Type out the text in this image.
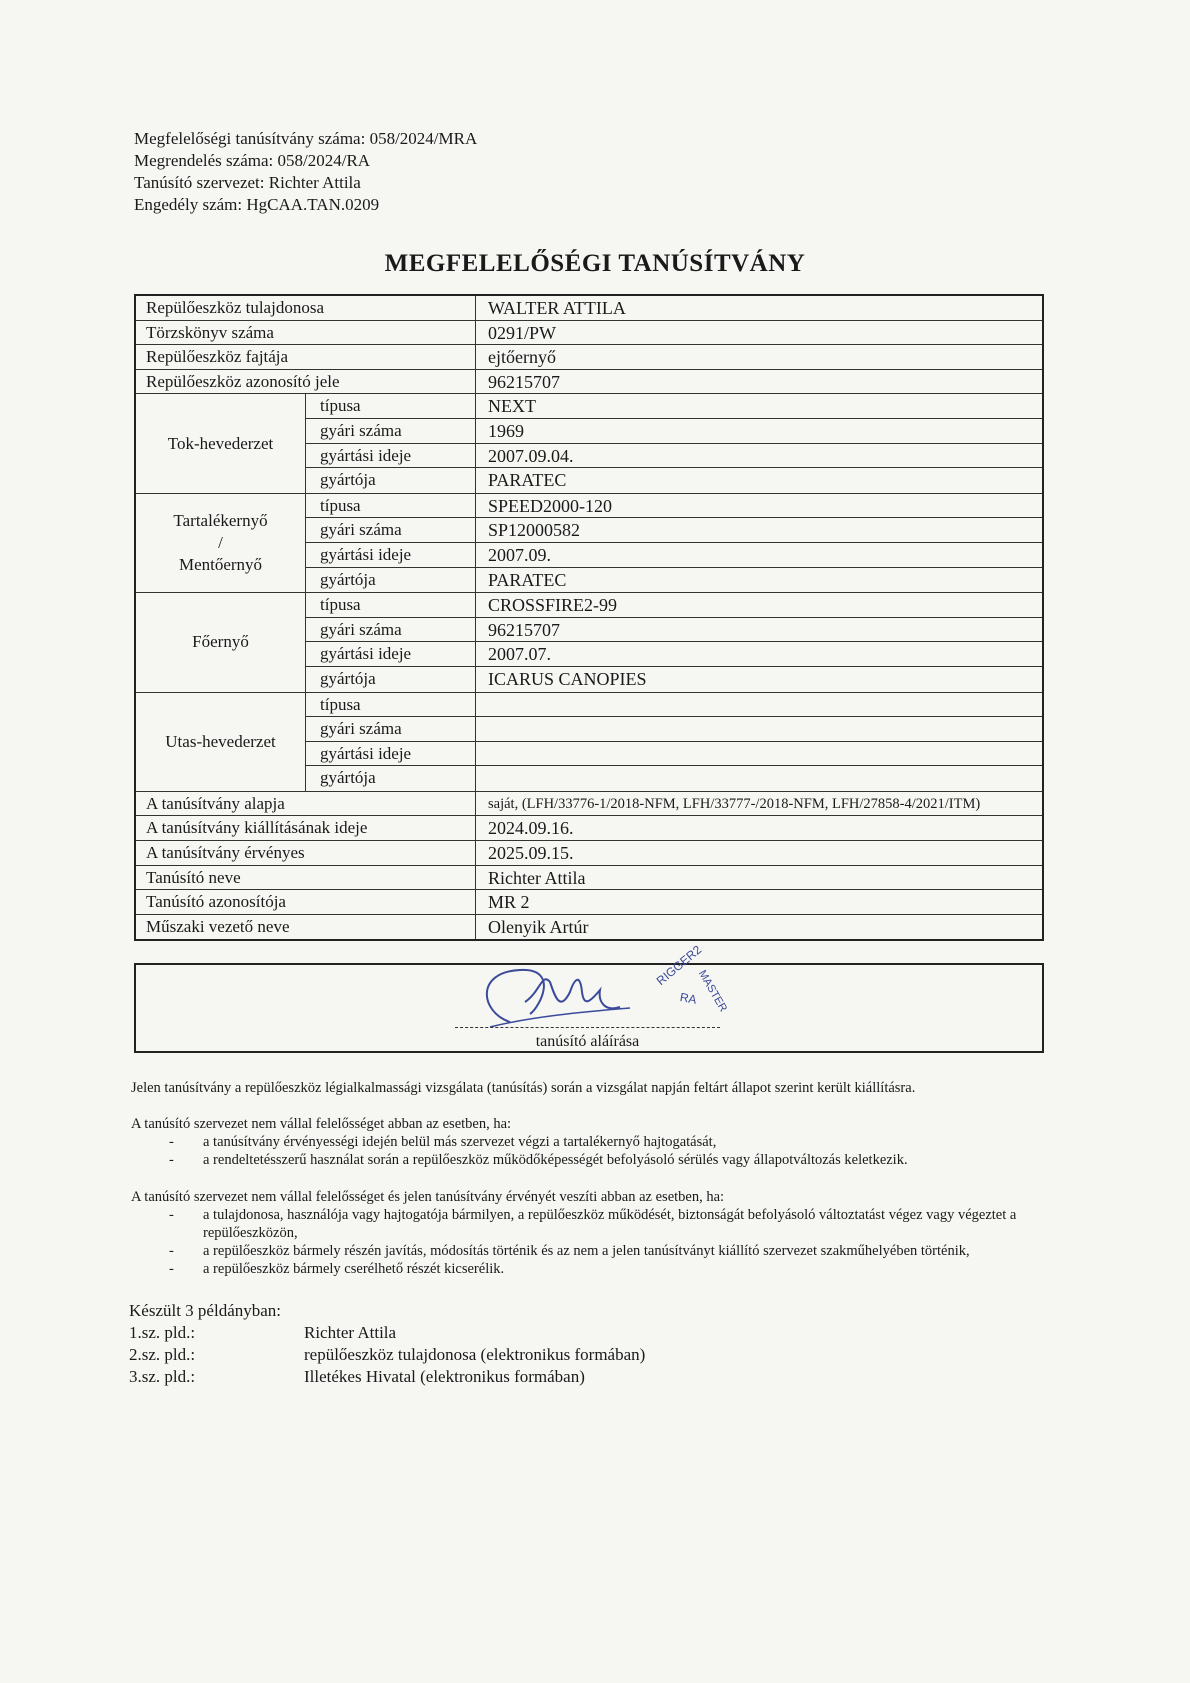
Megfelelőségi tanúsítvány száma: 058/2024/MRA
Megrendelés száma: 058/2024/RA
Tanúsító szervezet: Richter Attila
Engedély szám: HgCAA.TAN.0209
MEGFELELŐSÉGI TANÚSÍTVÁNY
Repülőeszköz tulajdonosa	WALTER ATTILA
Törzskönyv száma	0291/PW
Repülőeszköz fajtája	ejtőernyő
Repülőeszköz azonosító jele	96215707
Tok-hevederzet
típusa	NEXT
gyári száma	1969
gyártási ideje	2007.09.04.
gyártója	PARATEC
Tartalékernyő
/
Mentőernyő
típusa	SPEED2000-120
gyári száma	SP12000582
gyártási ideje	2007.09.
gyártója	PARATEC
Főernyő
típusa	CROSSFIRE2-99
gyári száma	96215707
gyártási ideje	2007.07.
gyártója	ICARUS CANOPIES
Utas-hevederzet
típusa
gyári száma
gyártási ideje
gyártója
A tanúsítvány alapja	saját, (LFH/33776-1/2018-NFM, LFH/33777-/2018-NFM, LFH/27858-4/2021/ITM)
A tanúsítvány kiállításának ideje	2024.09.16.
A tanúsítvány érvényes	2025.09.15.
Tanúsító neve	Richter Attila
Tanúsító azonosítója	MR 2
Műszaki vezető neve	Olenyik Artúr
RIGGER2
MASTER
RA
tanúsító aláírása
Jelen tanúsítvány a repülőeszköz légialkalmassági vizsgálata (tanúsítás) során a vizsgálat napján feltárt állapot szerint került kiállításra.
A tanúsító szervezet nem vállal felelősséget abban az esetben, ha:
- a tanúsítvány érvényességi idején belül más szervezet végzi a tartalékernyő hajtogatását,
- a rendeltetésszerű használat során a repülőeszköz működőképességét befolyásoló sérülés vagy állapotváltozás keletkezik.
A tanúsító szervezet nem vállal felelősséget és jelen tanúsítvány érvényét veszíti abban az esetben, ha:
- a tulajdonosa, használója vagy hajtogatója bármilyen, a repülőeszköz működését, biztonságát befolyásoló változtatást végez vagy végeztet a repülőeszközön,
- a repülőeszköz bármely részén javítás, módosítás történik és az nem a jelen tanúsítványt kiállító szervezet szakműhelyében történik,
- a repülőeszköz bármely cserélhető részét kicserélik.
Készült 3 példányban:
1.sz. pld.:	Richter Attila
2.sz. pld.:	repülőeszköz tulajdonosa (elektronikus formában)
3.sz. pld.:	Illetékes Hivatal (elektronikus formában)
